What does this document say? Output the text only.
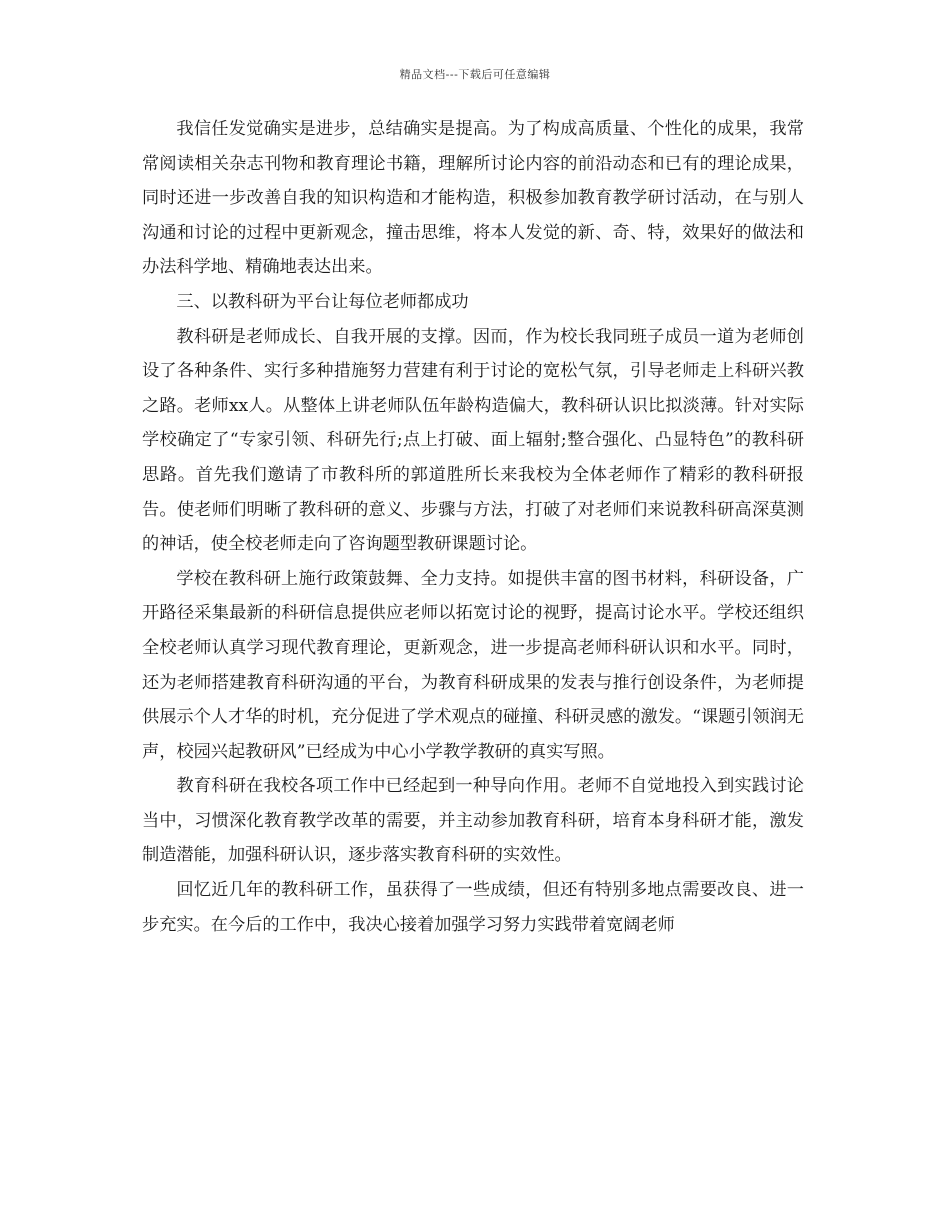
精品文档---下载后可任意编辑

我信任发觉确实是进步，总结确实是提高。为了构成高质量、个性化的成果，我常常阅读相关杂志刊物和教育理论书籍，理解所讨论内容的前沿动态和已有的理论成果，同时还进一步改善自我的知识构造和才能构造，积极参加教育教学研讨活动，在与别人沟通和讨论的过程中更新观念，撞击思维，将本人发觉的新、奇、特，效果好的做法和办法科学地、精确地表达出来。

三、以教科研为平台让每位老师都成功

教科研是老师成长、自我开展的支撑。因而，作为校长我同班子成员一道为老师创设了各种条件、实行多种措施努力营建有利于讨论的宽松气氛，引导老师走上科研兴教之路。老师xx人。从整体上讲老师队伍年龄构造偏大，教科研认识比拟淡薄。针对实际学校确定了“专家引领、科研先行;点上打破、面上辐射;整合强化、凸显特色”的教科研思路。首先我们邀请了市教科所的郭道胜所长来我校为全体老师作了精彩的教科研报告。使老师们明晰了教科研的意义、步骤与方法，打破了对老师们来说教科研高深莫测的神话，使全校老师走向了咨询题型教研课题讨论。

学校在教科研上施行政策鼓舞、全力支持。如提供丰富的图书材料，科研设备，广开路径采集最新的科研信息提供应老师以拓宽讨论的视野，提高讨论水平。学校还组织全校老师认真学习现代教育理论，更新观念，进一步提高老师科研认识和水平。同时，还为老师搭建教育科研沟通的平台，为教育科研成果的发表与推行创设条件，为老师提供展示个人才华的时机，充分促进了学术观点的碰撞、科研灵感的激发。“课题引领润无声，校园兴起教研风”已经成为中心小学教学教研的真实写照。

教育科研在我校各项工作中已经起到一种导向作用。老师不自觉地投入到实践讨论当中，习惯深化教育教学改革的需要，并主动参加教育科研，培育本身科研才能，激发制造潜能，加强科研认识，逐步落实教育科研的实效性。

回忆近几年的教科研工作，虽获得了一些成绩，但还有特别多地点需要改良、进一步充实。在今后的工作中，我决心接着加强学习努力实践带着宽阔老师
